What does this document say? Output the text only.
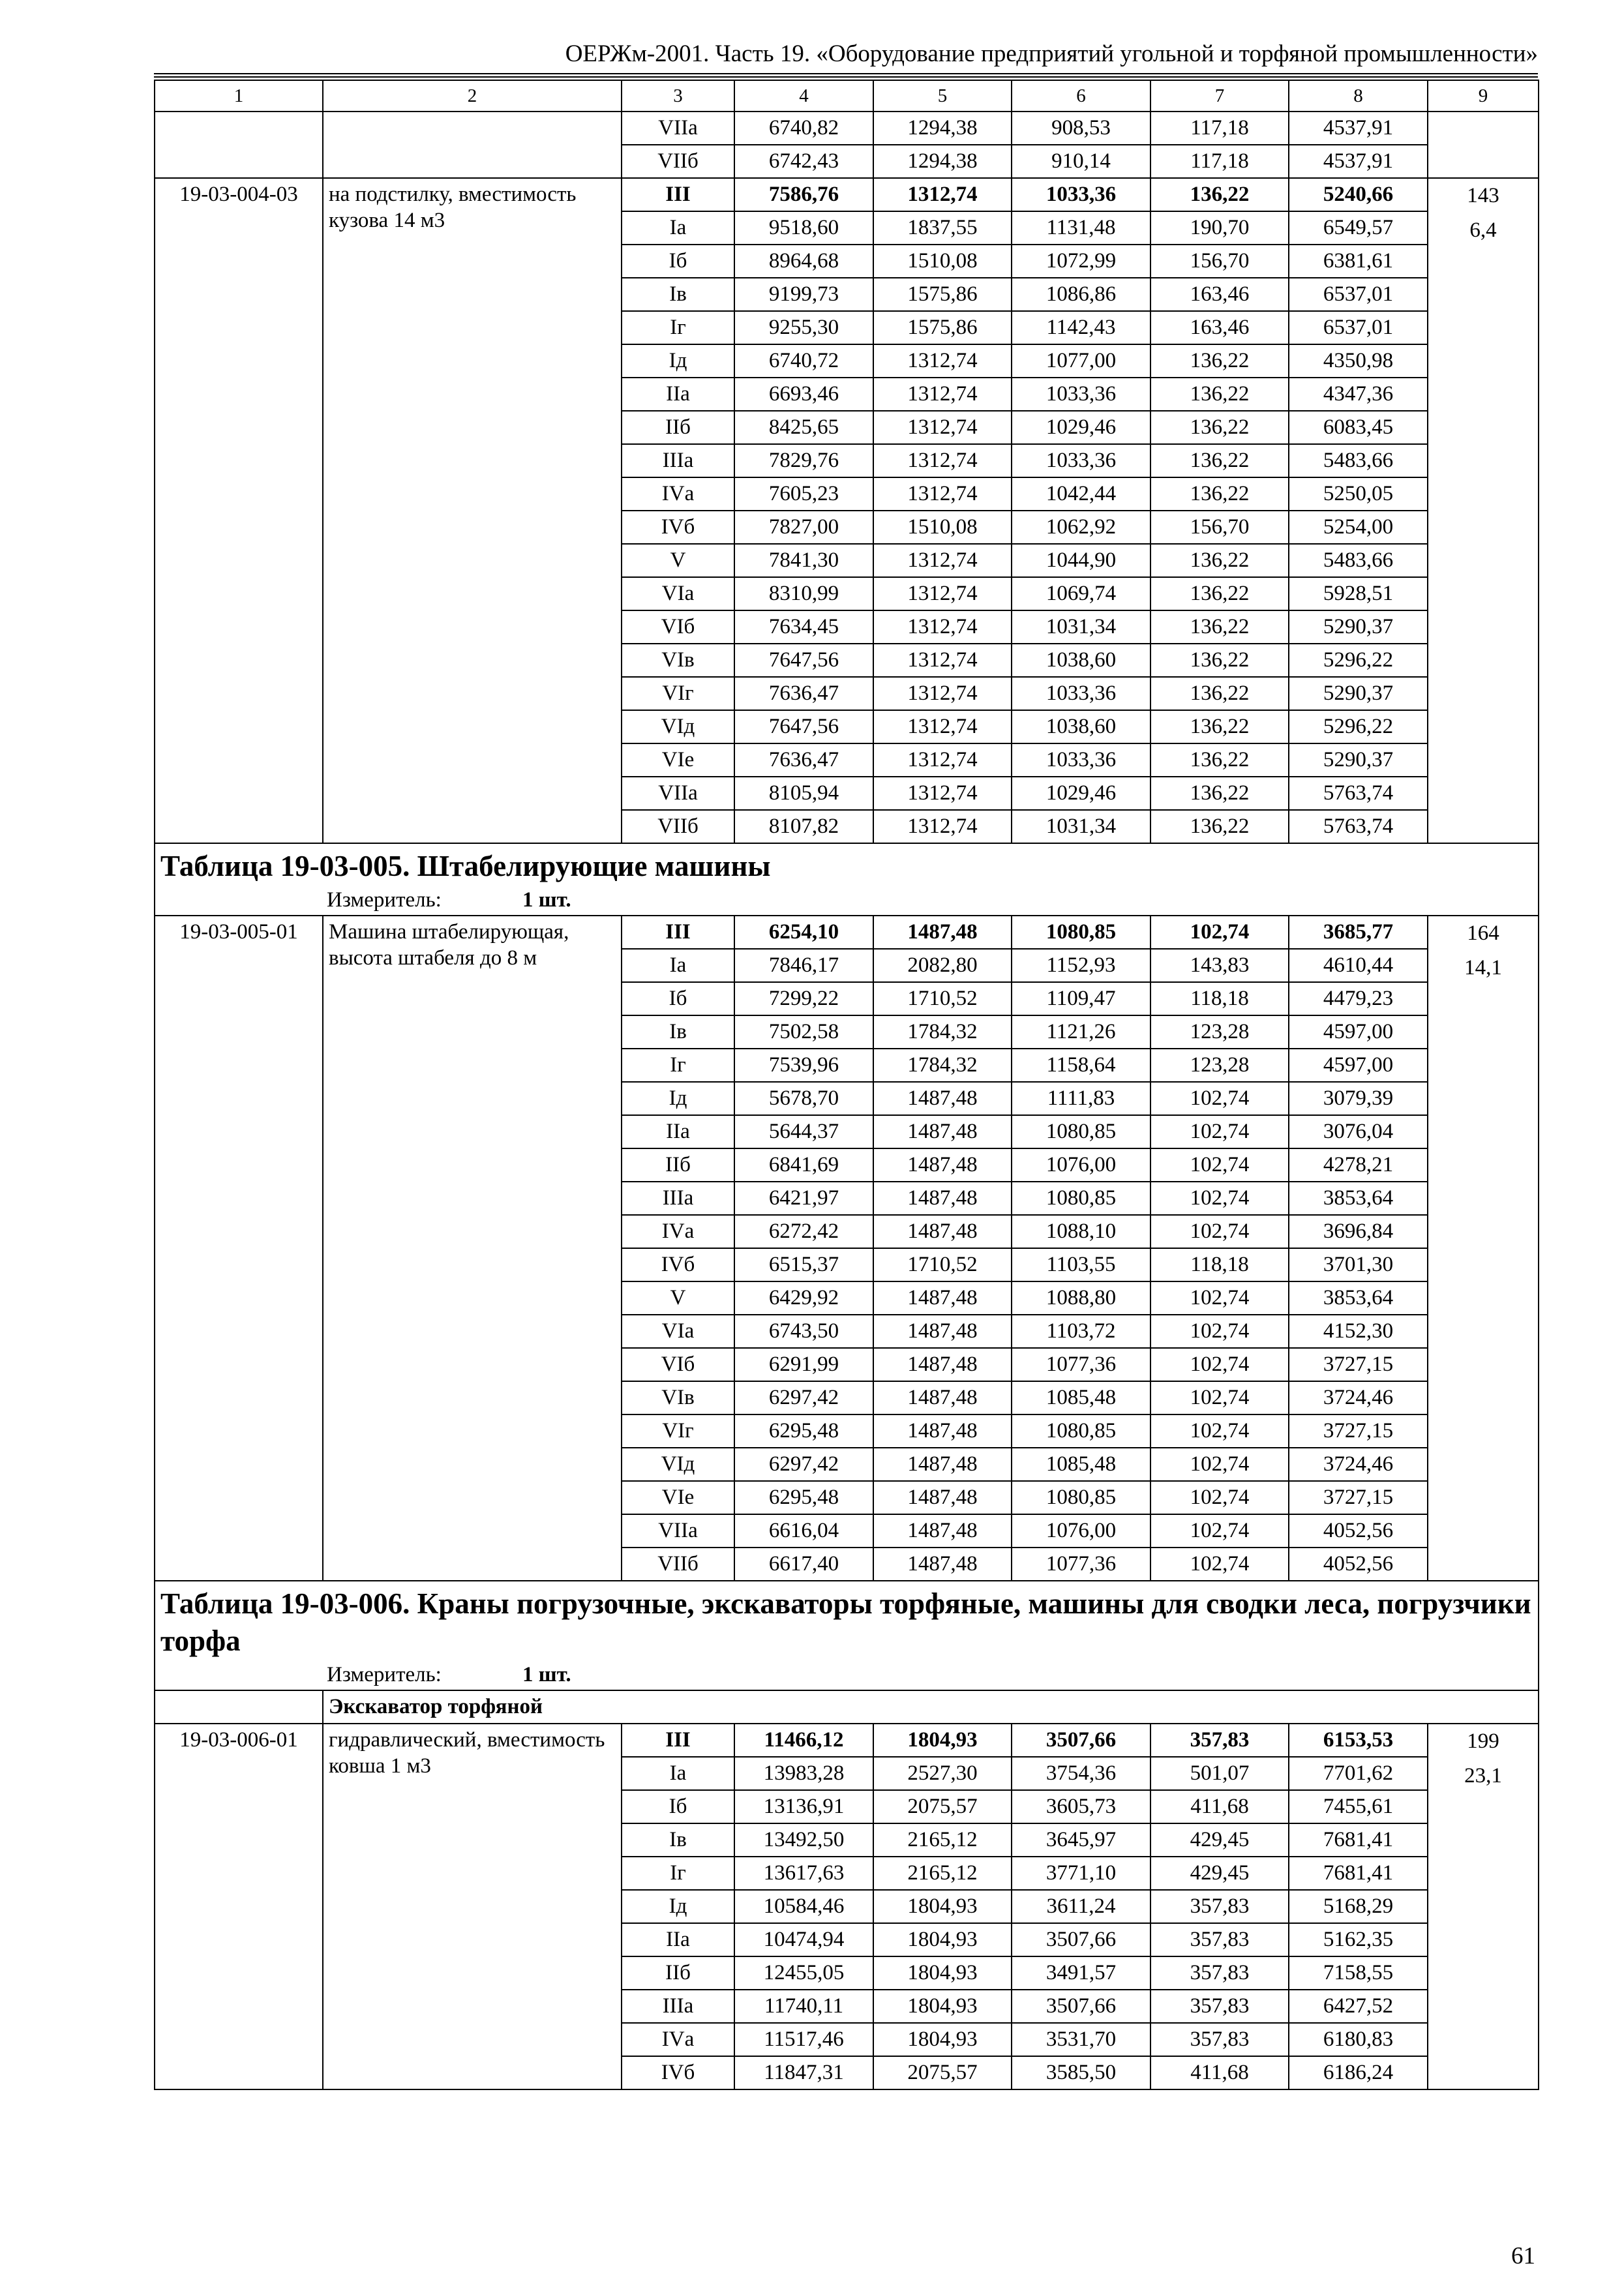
ОЕРЖм-2001. Часть 19. «Оборудование предприятий угольной и торфяной промышленности»
1	2	3	4	5	6	7	8	9
		VIIа	6740,82	1294,38	908,53	117,18	4537,91	
		VIIб	6742,43	1294,38	910,14	117,18	4537,91	
19-03-004-03	на подстилку, вместимость кузова 14 м3	III	7586,76	1312,74	1033,36	136,22	5240,66	143
6,4

		Iа	9518,60	1837,55	1131,48	190,70	6549,57	
		Iб	8964,68	1510,08	1072,99	156,70	6381,61	
		Iв	9199,73	1575,86	1086,86	163,46	6537,01	
		Iг	9255,30	1575,86	1142,43	163,46	6537,01	
		Iд	6740,72	1312,74	1077,00	136,22	4350,98	
		IIа	6693,46	1312,74	1033,36	136,22	4347,36	
		IIб	8425,65	1312,74	1029,46	136,22	6083,45	
		IIIа	7829,76	1312,74	1033,36	136,22	5483,66	
		IVа	7605,23	1312,74	1042,44	136,22	5250,05	
		IVб	7827,00	1510,08	1062,92	156,70	5254,00	
		V	7841,30	1312,74	1044,90	136,22	5483,66	
		VIа	8310,99	1312,74	1069,74	136,22	5928,51	
		VIб	7634,45	1312,74	1031,34	136,22	5290,37	
		VIв	7647,56	1312,74	1038,60	136,22	5296,22	
		VIг	7636,47	1312,74	1033,36	136,22	5290,37	
		VIд	7647,56	1312,74	1038,60	136,22	5296,22	
		VIе	7636,47	1312,74	1033,36	136,22	5290,37	
		VIIа	8105,94	1312,74	1029,46	136,22	5763,74	
		VIIб	8107,82	1312,74	1031,34	136,22	5763,74	
Таблица 19-03-005. Штабелирующие машины								
Измеритель: 1 шт.								
19-03-005-01	Машина штабелирующая, высота штабеля до 8 м	III	6254,10	1487,48	1080,85	102,74	3685,77	164
14,1

		Iа	7846,17	2082,80	1152,93	143,83	4610,44	
		Iб	7299,22	1710,52	1109,47	118,18	4479,23	
		Iв	7502,58	1784,32	1121,26	123,28	4597,00	
		Iг	7539,96	1784,32	1158,64	123,28	4597,00	
		Iд	5678,70	1487,48	1111,83	102,74	3079,39	
		IIа	5644,37	1487,48	1080,85	102,74	3076,04	
		IIб	6841,69	1487,48	1076,00	102,74	4278,21	
		IIIа	6421,97	1487,48	1080,85	102,74	3853,64	
		IVа	6272,42	1487,48	1088,10	102,74	3696,84	
		IVб	6515,37	1710,52	1103,55	118,18	3701,30	
		V	6429,92	1487,48	1088,80	102,74	3853,64	
		VIа	6743,50	1487,48	1103,72	102,74	4152,30	
		VIб	6291,99	1487,48	1077,36	102,74	3727,15	
		VIв	6297,42	1487,48	1085,48	102,74	3724,46	
		VIг	6295,48	1487,48	1080,85	102,74	3727,15	
		VIд	6297,42	1487,48	1085,48	102,74	3724,46	
		VIе	6295,48	1487,48	1080,85	102,74	3727,15	
		VIIа	6616,04	1487,48	1076,00	102,74	4052,56	
		VIIб	6617,40	1487,48	1077,36	102,74	4052,56	
Таблица 19-03-006. Краны погрузочные, экскаваторы торфяные, машины для сводки леса, погрузчики торфа								
Измеритель: 1 шт.								
	Экскаватор торфяной							
19-03-006-01	гидравлический, вместимость ковша 1 м3	III	11466,12	1804,93	3507,66	357,83	6153,53	199
23,1

		Iа	13983,28	2527,30	3754,36	501,07	7701,62	
		Iб	13136,91	2075,57	3605,73	411,68	7455,61	
		Iв	13492,50	2165,12	3645,97	429,45	7681,41	
		Iг	13617,63	2165,12	3771,10	429,45	7681,41	
		Iд	10584,46	1804,93	3611,24	357,83	5168,29	
		IIа	10474,94	1804,93	3507,66	357,83	5162,35	
		IIб	12455,05	1804,93	3491,57	357,83	7158,55	
		IIIа	11740,11	1804,93	3507,66	357,83	6427,52	
		IVа	11517,46	1804,93	3531,70	357,83	6180,83	
		IVб	11847,31	2075,57	3585,50	411,68	6186,24	
61
